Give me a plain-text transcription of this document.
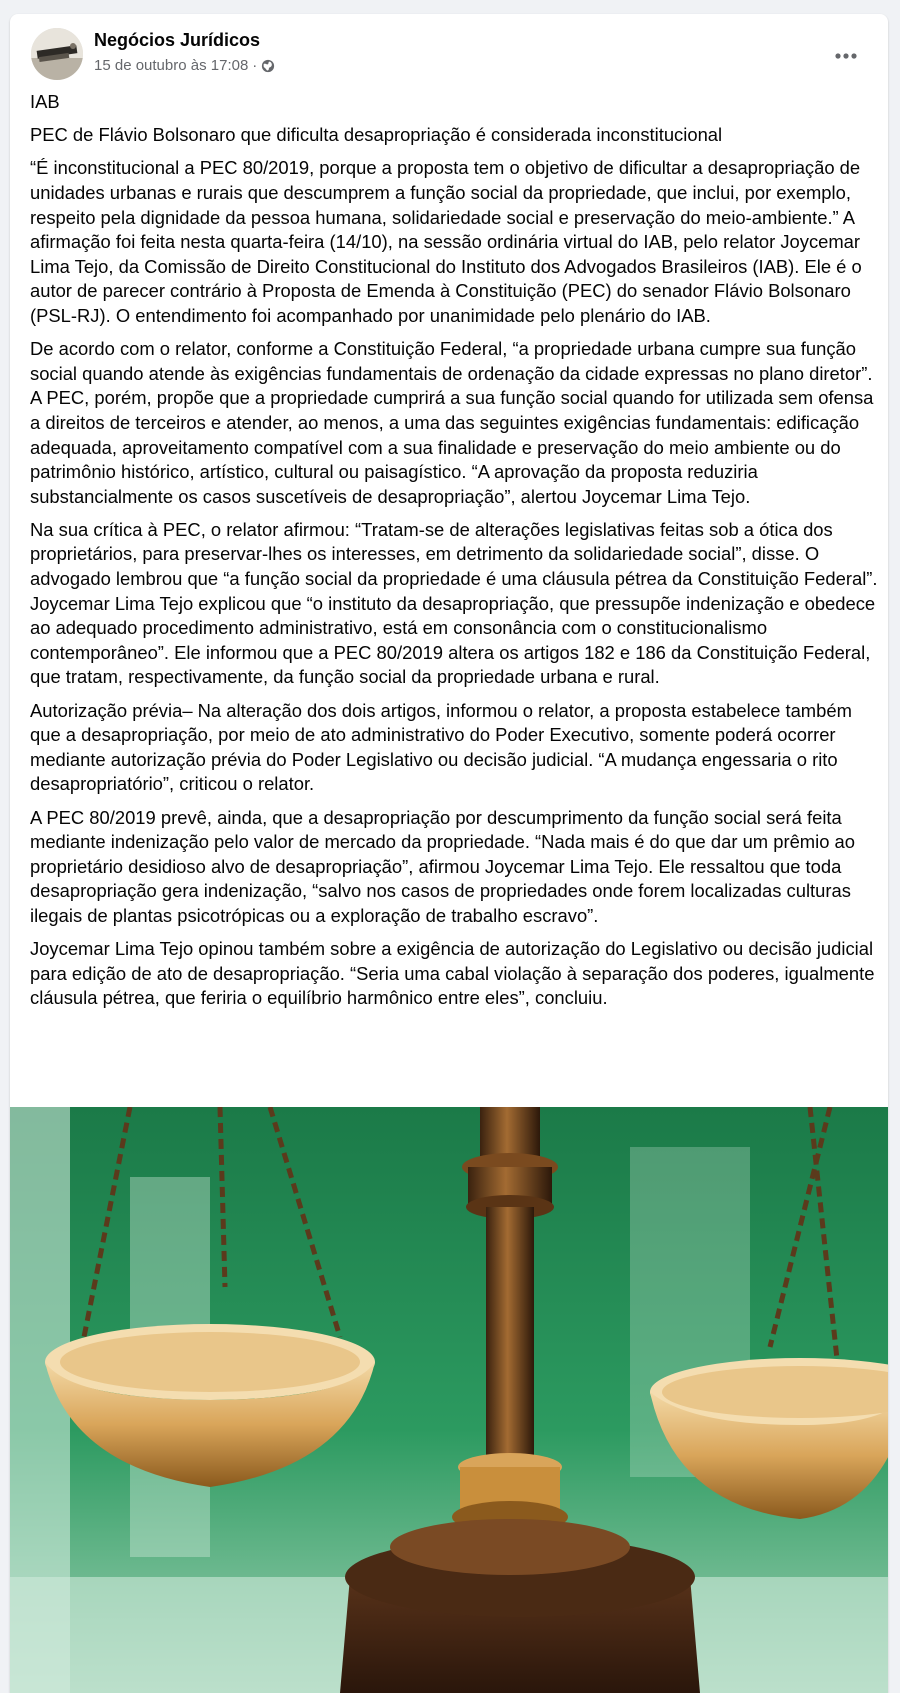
Negócios Jurídicos
15 de outubro às 17:08 ·

IAB

PEC de Flávio Bolsonaro que dificulta desapropriação é considerada inconstitucional

“É inconstitucional a PEC 80/2019, porque a proposta tem o objetivo de dificultar a desapropriação de unidades urbanas e rurais que descumprem a função social da propriedade, que inclui, por exemplo, respeito pela dignidade da pessoa humana, solidariedade social e preservação do meio-ambiente.” A afirmação foi feita nesta quarta-feira (14/10), na sessão ordinária virtual do IAB, pelo relator Joycemar Lima Tejo, da Comissão de Direito Constitucional do Instituto dos Advogados Brasileiros (IAB). Ele é o autor de parecer contrário à Proposta de Emenda à Constituição (PEC) do senador Flávio Bolsonaro (PSL-RJ). O entendimento foi acompanhado por unanimidade pelo plenário do IAB.

De acordo com o relator, conforme a Constituição Federal, “a propriedade urbana cumpre sua função social quando atende às exigências fundamentais de ordenação da cidade expressas no plano diretor”. A PEC, porém, propõe que a propriedade cumprirá a sua função social quando for utilizada sem ofensa a direitos de terceiros e atender, ao menos, a uma das seguintes exigências fundamentais: edificação adequada, aproveitamento compatível com a sua finalidade e preservação do meio ambiente ou do patrimônio histórico, artístico, cultural ou paisagístico. “A aprovação da proposta reduziria substancialmente os casos suscetíveis de desapropriação”, alertou Joycemar Lima Tejo.

Na sua crítica à PEC, o relator afirmou: “Tratam-se de alterações legislativas feitas sob a ótica dos proprietários, para preservar-lhes os interesses, em detrimento da solidariedade social”, disse. O advogado lembrou que “a função social da propriedade é uma cláusula pétrea da Constituição Federal”. Joycemar Lima Tejo explicou que “o instituto da desapropriação, que pressupõe indenização e obedece ao adequado procedimento administrativo, está em consonância com o constitucionalismo contemporâneo”. Ele informou que a PEC 80/2019 altera os artigos 182 e 186 da Constituição Federal, que tratam, respectivamente, da função social da propriedade urbana e rural.

Autorização prévia– Na alteração dos dois artigos, informou o relator, a proposta estabelece também que a desapropriação, por meio de ato administrativo do Poder Executivo, somente poderá ocorrer mediante autorização prévia do Poder Legislativo ou decisão judicial. “A mudança engessaria o rito desapropriatório”, criticou o relator.

A PEC 80/2019 prevê, ainda, que a desapropriação por descumprimento da função social será feita mediante indenização pelo valor de mercado da propriedade. “Nada mais é do que dar um prêmio ao proprietário desidioso alvo de desapropriação”, afirmou Joycemar Lima Tejo. Ele ressaltou que toda desapropriação gera indenização, “salvo nos casos de propriedades onde forem localizadas culturas ilegais de plantas psicotrópicas ou a exploração de trabalho escravo”.

Joycemar Lima Tejo opinou também sobre a exigência de autorização do Legislativo ou decisão judicial para edição de ato de desapropriação. “Seria uma cabal violação à separação dos poderes, igualmente cláusula pétrea, que feriria o equilíbrio harmônico entre eles”, concluiu.
